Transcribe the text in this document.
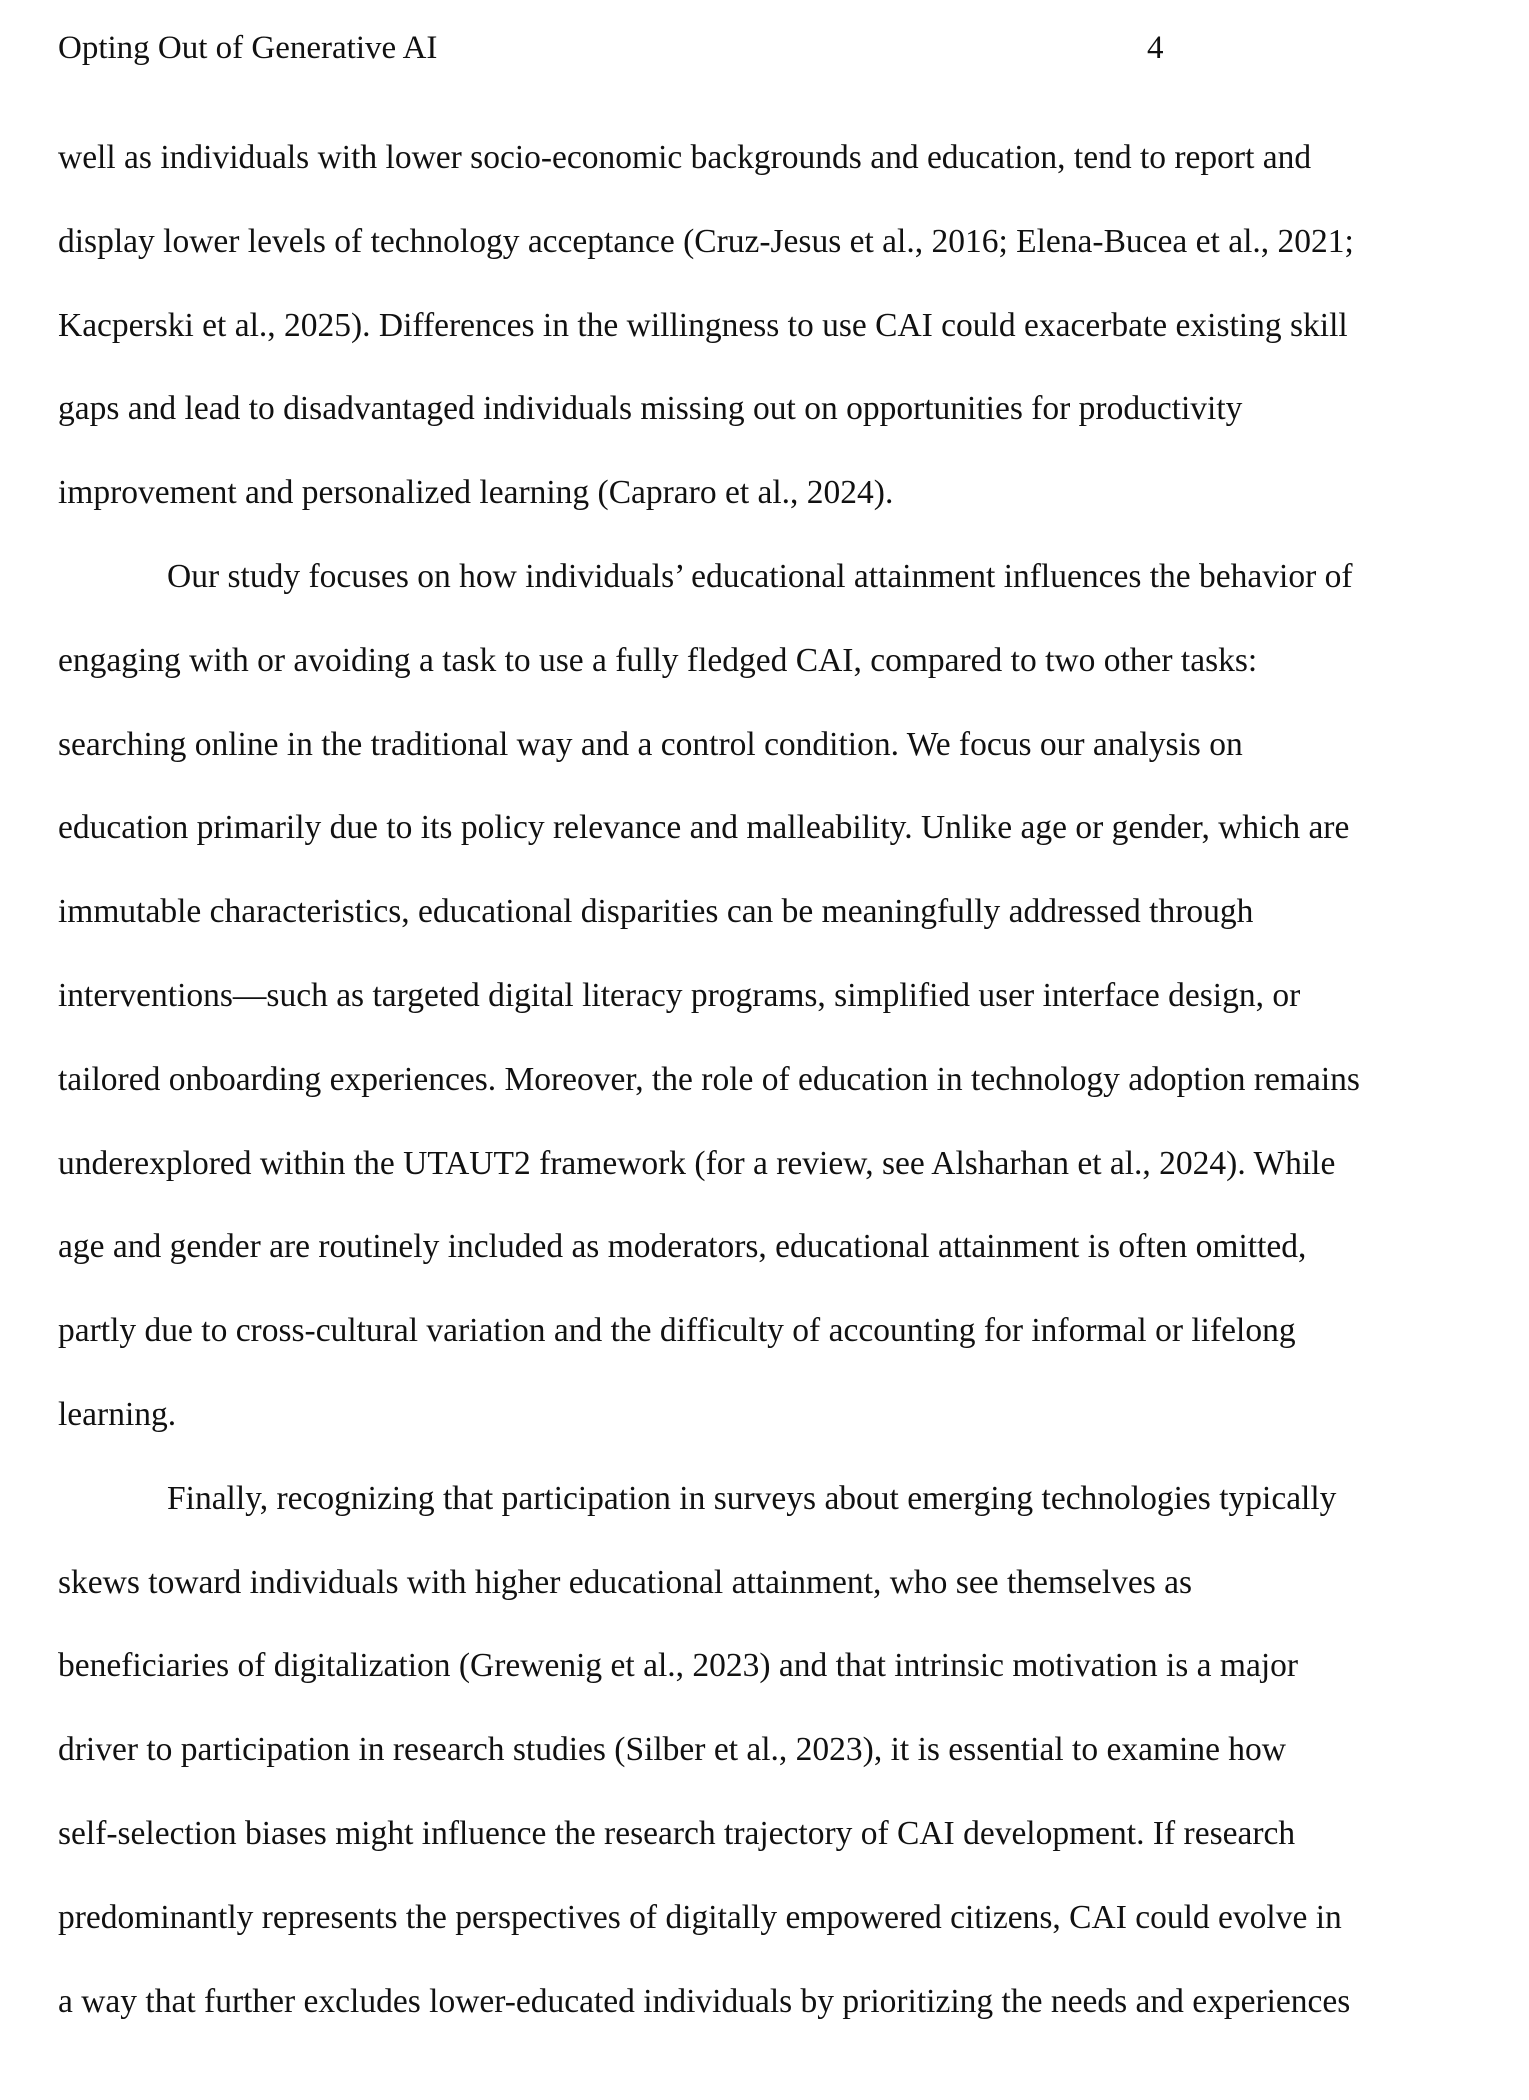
Opting Out of Generative AI	4
well as individuals with lower socio-economic backgrounds and education, tend to report and
display lower levels of technology acceptance (Cruz-Jesus et al., 2016; Elena-Bucea et al., 2021;
Kacperski et al., 2025). Differences in the willingness to use CAI could exacerbate existing skill
gaps and lead to disadvantaged individuals missing out on opportunities for productivity
improvement and personalized learning (Capraro et al., 2024).
Our study focuses on how individuals’ educational attainment influences the behavior of
engaging with or avoiding a task to use a fully fledged CAI, compared to two other tasks:
searching online in the traditional way and a control condition. We focus our analysis on
education primarily due to its policy relevance and malleability. Unlike age or gender, which are
immutable characteristics, educational disparities can be meaningfully addressed through
interventions—such as targeted digital literacy programs, simplified user interface design, or
tailored onboarding experiences. Moreover, the role of education in technology adoption remains
underexplored within the UTAUT2 framework (for a review, see Alsharhan et al., 2024). While
age and gender are routinely included as moderators, educational attainment is often omitted,
partly due to cross-cultural variation and the difficulty of accounting for informal or lifelong
learning.
Finally, recognizing that participation in surveys about emerging technologies typically
skews toward individuals with higher educational attainment, who see themselves as
beneficiaries of digitalization (Grewenig et al., 2023) and that intrinsic motivation is a major
driver to participation in research studies (Silber et al., 2023), it is essential to examine how
self-selection biases might influence the research trajectory of CAI development. If research
predominantly represents the perspectives of digitally empowered citizens, CAI could evolve in
a way that further excludes lower-educated individuals by prioritizing the needs and experiences
